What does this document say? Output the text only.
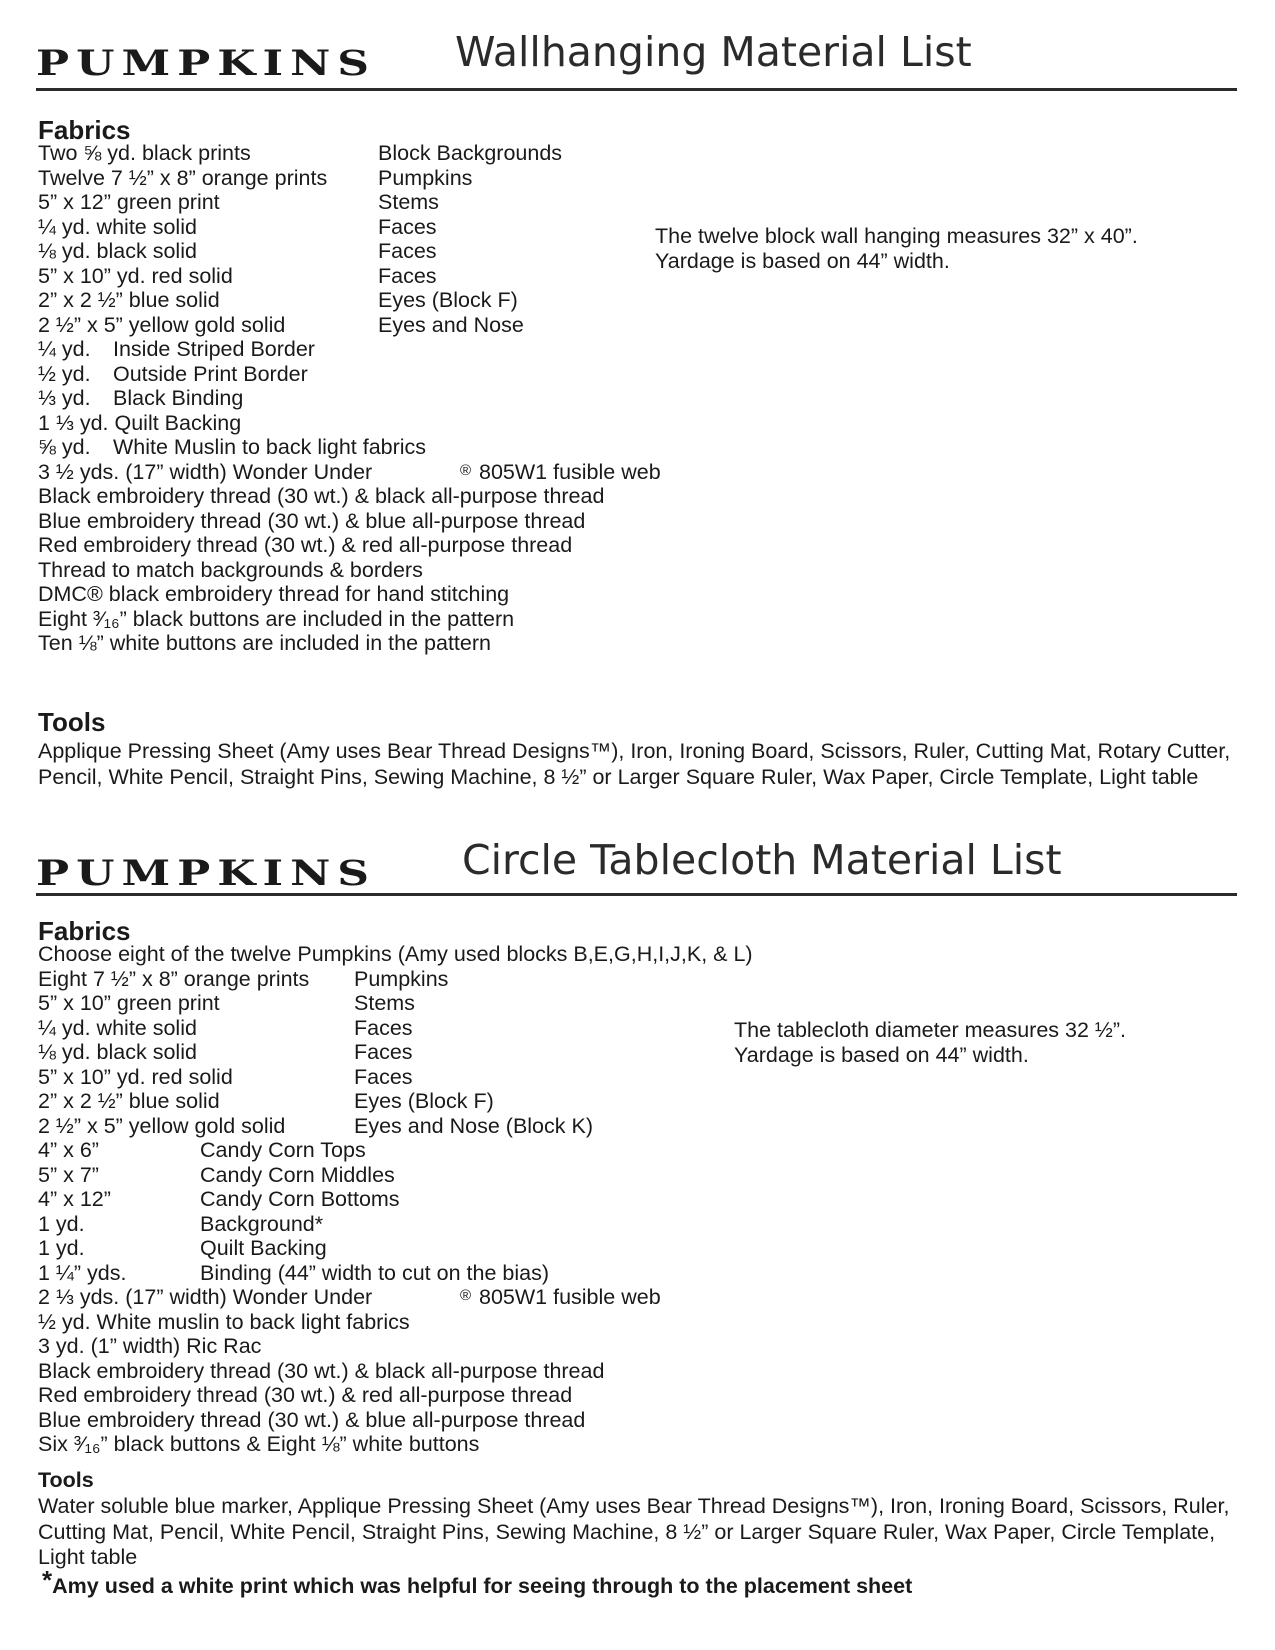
PUMPKINS Wallhanging Material List
Fabrics
Two ⅝ yd. black prints	Block Backgrounds
Twelve 7 ½” x 8” orange prints Pumpkins
5” x 12” green print	Stems
¼ yd. white solid	Faces
⅛ yd. black solid	Faces
5” x 10” yd. red solid	Faces
2” x 2 ½” blue solid	Eyes (Block F)
2 ½” x 5” yellow gold solid	Eyes and Nose
¼ yd. Inside Striped Border
½ yd. Outside Print Border
⅓ yd. Black Binding
1 ⅓ yd. Quilt Backing
⅝ yd. White Muslin to back light fabrics
3 ½ yds. (17” width) Wonder Under	805W1 fusible web
®
Black embroidery thread (30 wt.) & black all-purpose thread
Blue embroidery thread (30 wt.) & blue all-purpose thread
Red embroidery thread (30 wt.) & red all-purpose thread
Thread to match backgrounds & borders
DMC® black embroidery thread for hand stitching
Eight ³⁄₁₆” black buttons are included in the pattern
Ten ⅛” white buttons are included in the pattern
The twelve block wall hanging measures 32” x 40”.
Yardage is based on 44” width.
Tools
Applique Pressing Sheet (Amy uses Bear Thread Designs™), Iron, Ironing Board, Scissors, Ruler, Cutting Mat, Rotary Cutter, Pencil, White Pencil, Straight Pins, Sewing Machine, 8 ½” or Larger Square Ruler, Wax Paper, Circle Template, Light table
PUMPKINS Circle Tablecloth Material List
Fabrics
Choose eight of the twelve Pumpkins (Amy used blocks B,E,G,H,I,J,K, & L)
Eight 7 ½” x 8” orange prints Pumpkins
5” x 10” green print	Stems
¼ yd. white solid	Faces
⅛ yd. black solid	Faces
5” x 10” yd. red solid	Faces
2” x 2 ½” blue solid	Eyes (Block F)
2 ½” x 5” yellow gold solid	Eyes and Nose (Block K)
4” x 6”	Candy Corn Tops
5” x 7”	Candy Corn Middles
4” x 12”	Candy Corn Bottoms
1 yd.	Background*
1 yd.	Quilt Backing
1 ¼” yds.	Binding (44” width to cut on the bias)
2 ⅓ yds. (17” width) Wonder Under	805W1 fusible web
®
½ yd. White muslin to back light fabrics
3 yd. (1” width) Ric Rac
Black embroidery thread (30 wt.) & black all-purpose thread
Red embroidery thread (30 wt.) & red all-purpose thread
Blue embroidery thread (30 wt.) & blue all-purpose thread
Six ³⁄₁₆” black buttons & Eight ⅛” white buttons
The tablecloth diameter measures 32 ½”.
Yardage is based on 44” width.
Tools
Water soluble blue marker, Applique Pressing Sheet (Amy uses Bear Thread Designs™), Iron, Ironing Board, Scissors, Ruler, Cutting Mat, Pencil, White Pencil, Straight Pins, Sewing Machine, 8 ½” or Larger Square Ruler, Wax Paper, Circle Template, Light table
*Amy used a white print which was helpful for seeing through to the placement sheet
